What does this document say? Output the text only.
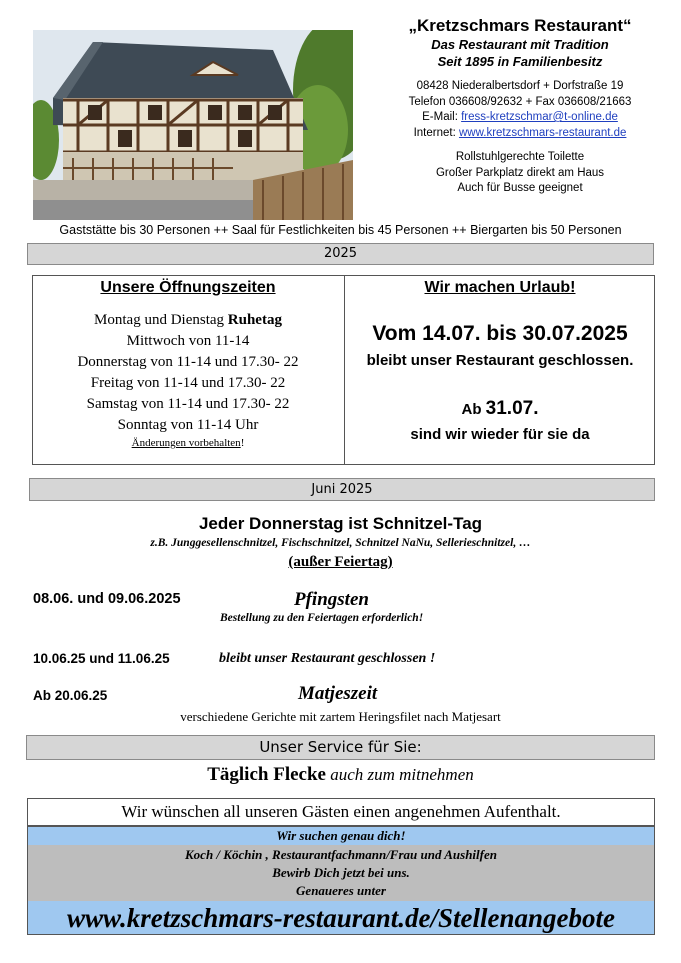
„Kretzschmars Restaurant“
Das Restaurant mit Tradition
Seit 1895 in Familienbesitz
08428 Niederalbertsdorf + Dorfstraße 19
Telefon 036608/92632 + Fax 036608/21663
E-Mail: fress-kretzschmar@t-online.de
Internet: www.kretzschmars-restaurant.de
Rollstuhlgerechte Toilette
Großer Parkplatz direkt am Haus
Auch für Busse geeignet
Gaststätte bis 30 Personen ++ Saal für Festlichkeiten bis 45 Personen ++ Biergarten bis 50 Personen
2025
Unsere Öffnungszeiten
Montag und Dienstag Ruhetag
Mittwoch von 11-14
Donnerstag von 11-14 und 17.30- 22
Freitag von 11-14 und 17.30- 22
Samstag von 11-14 und 17.30- 22
Sonntag von 11-14 Uhr
Änderungen vorbehalten!
Wir machen Urlaub!
Vom 14.07. bis 30.07.2025
bleibt unser Restaurant geschlossen.
Ab 31.07.
sind wir wieder für sie da
Juni 2025
Jeder Donnerstag ist Schnitzel-Tag
z.B. Junggesellenschnitzel, Fischschnitzel, Schnitzel NaNu, Sellerieschnitzel, …
(außer Feiertag)
08.06. und 09.06.2025	Pfingsten
Bestellung zu den Feiertagen erforderlich!
10.06.25 und 11.06.25	bleibt unser Restaurant geschlossen !
Ab 20.06.25	Matjeszeit
verschiedene Gerichte mit zartem Heringsfilet nach Matjesart
Unser Service für Sie:
Täglich Flecke auch zum mitnehmen
Wir wünschen all unseren Gästen einen angenehmen Aufenthalt.
Wir suchen genau dich!
Koch / Köchin , Restaurantfachmann/Frau und Aushilfen
Bewirb Dich jetzt bei uns.
Genaueres unter
www.kretzschmars-restaurant.de/Stellenangebote
